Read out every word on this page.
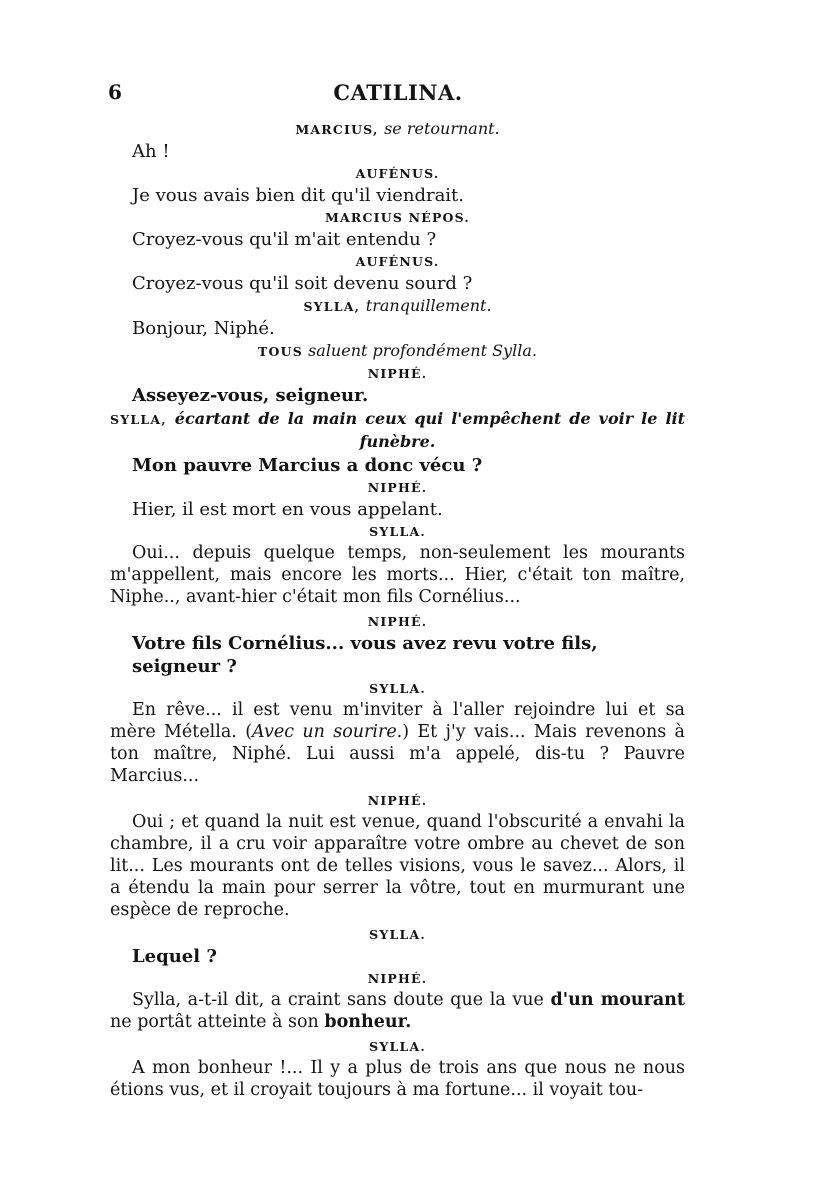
6	CATILINA.
MARCIUS, se retournant.
Ah !
AUFÉNUS.
Je vous avais bien dit qu'il viendrait.
MARCIUS NÉPOS.
Croyez-vous qu'il m'ait entendu ?
AUFÉNUS.
Croyez-vous qu'il soit devenu sourd ?
SYLLA, tranquillement.
Bonjour, Niphé.
TOUS saluent profondément Sylla.
NIPHÉ.
Asseyez-vous, seigneur.
SYLLA, écartant de la main ceux qui l'empêchent de voir le lit funèbre.
Mon pauvre Marcius a donc vécu ?
NIPHÉ.
Hier, il est mort en vous appelant.
SYLLA.
Oui... depuis quelque temps, non-seulement les mourants m'appellent, mais encore les morts... Hier, c'était ton maître, Niphe.., avant-hier c'était mon fils Cornélius...
NIPHÉ.
Votre fils Cornélius... vous avez revu votre fils, seigneur ?
SYLLA.
En rêve... il est venu m'inviter à l'aller rejoindre lui et sa mère Métella. (Avec un sourire.) Et j'y vais... Mais revenons à ton maître, Niphé. Lui aussi m'a appelé, dis-tu ? Pauvre Marcius...
NIPHÉ.
Oui ; et quand la nuit est venue, quand l'obscurité a envahi la chambre, il a cru voir apparaître votre ombre au chevet de son lit... Les mourants ont de telles visions, vous le savez... Alors, il a étendu la main pour serrer la vôtre, tout en murmurant une espèce de reproche.
SYLLA.
Lequel ?
NIPHÉ.
Sylla, a-t-il dit, a craint sans doute que la vue d'un mourant ne portât atteinte à son bonheur.
SYLLA.
A mon bonheur !... Il y a plus de trois ans que nous ne nous étions vus, et il croyait toujours à ma fortune... il voyait tou-
